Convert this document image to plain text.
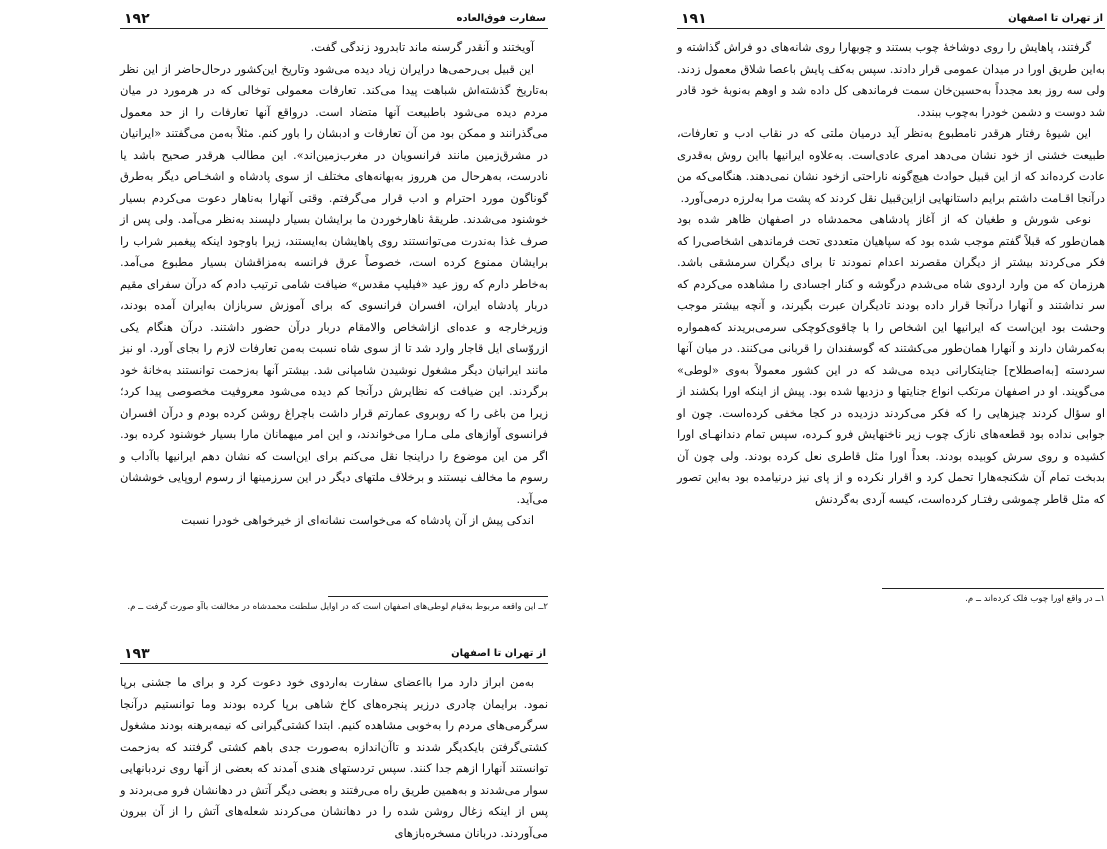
از تهران تا اصفهان
۱۹۱

گرفتند، پاهایش را روی دوشاخهٔ چوب بستند و چوبهارا روی شانه‌های دو فراش گذاشته و به‌این طریق اورا در میدان عمومی قرار دادند. سپس به‌کف پایش با‌عصا شلاق معمول زدند. ولی سه روز بعد مجدداً به‌حسین‌خان سمت فرماندهی کل داده شد و اوهم به‌نوبهٔ خود قادر شد دوست و دشمن خودرا به‌چوب ببندد.

این شیوهٔ رفتار هرقدر نامطبوع به‌نظر آید درمیان ملتی که در نقاب ادب و تعارفات، طبیعت خشنی از خود نشان می‌دهد امری عادی‌است. به‌علاوه ایرانیها بااین روش به‌قدری عادت کرده‌اند که از این قبیل حوادث هیچ‌گونه ناراحتی ازخود نشان نمی‌دهند. هنگامی‌که من درآنجا اقـامت داشتم برایم داستانهایی ازاین‌قبیل نقل کردند که پشت مرا به‌لرزه درمی‌آورد.

نوعی شورش و طغیان که از آغاز پادشاهی محمدشاه در اصفهان ظاهر شده بود همان‌طور که قبلاً گفتم موجب شده بود که سپاهیان متعددی تحت فرماندهی اشخاصی‌را که فکر می‌کردند بیشتر از دیگران مقصرند اعدام نمودند تا برای دیگران سرمشقی باشد. هرزمان که من وارد اردوی شاه می‌شدم درگوشه و کنار اجسادی را مشاهده می‌کردم که سر نداشتند و آنهارا درآنجا قرار داده بودند تادیگران عبرت بگیرند، و آنچه بیشتر موجب وحشت بود این‌است که ایرانیها این اشخاص را با چاقوی‌کوچکی سرمی‌بریدند که‌همواره به‌کمرشان دارند و آنهارا همان‌طور می‌کشتند که گوسفندان را قربانی می‌کنند. در میان آنها سردسته [به‌اصطلاح] جنایتکارانی دیده می‌شد که در این کشور معمولاً به‌وی «لوطی» می‌گویند. او در اصفهان مرتکب انواع جنایتها و دزدیها شده بود. پیش از اینکه اورا بکشند از او سؤال کردند چیزهایی را که فکر می‌کردند دزدیده در کجا مخفی کرده‌است. چون او جوابی نداده بود قطعه‌های نازک چوب زیر ناخنهایش فرو کـرده، سپس تمام دندانهـای اورا کشیده و روی سرش کوبیده بودند. بعداً اورا مثل قاطری نعل کرده بودند. ولی چون آن بدبخت تمام آن شکنجه‌هارا تحمل کرد و اقرار نکرده و از پای نیز درنیامده بود به‌این تصور که مثل قاطر چموشی رفتـار کرده‌است، کیسه آردی به‌گردنش

۱ــ در واقع اورا چوب فلک کرده‌اند ــ م.
سفارت فوق‌العاده
۱۹۲

آویختند و آنقدر گرسنه ماند تابدرود زندگی گفت.

این قبیل بی‌رحمی‌ها درایران زیاد دیده می‌شود وتاریخ این‌کشور درحال‌حاضر از این نظر به‌تاریخ گذشته‌اش شباهت پیدا می‌کند. تعارفات معمولی توخالی که در هرمورد در میان مردم دیده می‌شود باطبیعت آنها متضاد است. درواقع آنها تعارفات را از حد معمول می‌گذرانند و ممکن بود من آن تعارفات و ادبشان را باور کنم. مثلاً به‌من می‌گفتند «ایرانیان در مشرق‌زمین مانند فرانسویان در مغرب‌زمین‌اند». این مطالب هرقدر صحیح باشد یا نادرست، به‌هرحال من هرروز به‌بهانه‌های مختلف از سوی پادشاه و اشخـاص دیگر به‌طرق گوناگون مورد احترام و ادب قرار می‌گرفتم. وقتی آنهارا به‌ناهار دعوت می‌کردم بسیار خوشنود می‌شدند. طریقهٔ ناهارخوردن ما برایشان بسیار دلپسند به‌نظر می‌آمد. ولی پس از صرف غذا به‌ندرت می‌توانستند روی پاهایشان به‌ایستند، زیرا باوجود اینکه پیغمبر شراب را برایشان ممنوع کرده است، خصوصاً عرق فرانسه به‌مزاقشان بسیار مطبوع می‌آمد. به‌خاطر دارم که روز عید «فیلیپ مقدس» ضیافت شامی ترتیب دادم که درآن سفرای مقیم دربار پادشاه ایران، افسران فرانسوی که برای آموزش سربازان به‌ایران آمده بودند، وزیرخارجه و عده‌ای ازاشخاص والامقام دربار درآن حضور داشتند. درآن هنگام یکی ازروّسای ایل قاجار وارد شد تا از سوی شاه نسبت به‌من تعارفات لازم را بجای آورد. او نیز مانند ایرانیان دیگر مشغول نوشیدن شامپانی شد. بیشتر آنها به‌زحمت توانستند به‌خانهٔ خود برگردند. این ضیافت که نظایرش درآنجا کم دیده می‌شود معروفیت مخصوصی پیدا کرد؛ زیرا من باغی را که روبروی عمارتم قرار داشت باچراغ روشن کرده بودم و درآن افسران فرانسوی آوازهای ملی مـارا می‌خواندند، و این امر میهمانان مارا بسیار خوشنود کرده بود. اگر من این موضوع را دراینجا نقل می‌کنم برای این‌است که نشان دهم ایرانیها باآداب و رسوم ما مخالف نیستند و برخلاف ملتهای دیگر در این سرزمینها از رسوم اروپایی خوششان می‌آید.

اندکی پیش از آن پادشاه که می‌خواست نشانه‌ای از خیرخواهی خودرا نسبت

۲ــ این واقعه مربوط به‌قیام لوطی‌های اصفهان است که در اوایل سلطنت محمدشاه در مخالفت باآو صورت گرفت ــ م.
از تهران تا اصفهان
۱۹۳

به‌من ابراز دارد مرا بااعضای سفارت به‌اردوی خود دعوت کرد و برای ما جشنی برپا نمود. برایمان چادری درزیر پنجره‌های کاخ شاهی برپا کرده بودند وما توانستیم درآنجا سرگرمی‌های مردم را به‌خوبی مشاهده کنیم. ابتدا کشتی‌گیرانی که نیمه‌برهنه بودند مشغول کشتی‌گرفتن بایکدیگر شدند و تاآن‌اندازه به‌صورت جدی باهم کشتی گرفتند که به‌زحمت توانستند آنهارا ازهم جدا کنند. سپس تردستهای هندی آمدند که بعضی از آنها روی نردبانهایی سوار می‌شدند و به‌همین طریق راه می‌رفتند و بعضی دیگر آتش در دهانشان فرو می‌بردند و پس از اینکه زغال روشن شده را در دهانشان می‌کردند شعله‌های آتش را از آن بیرون می‌آوردند. دربانان مسخره‌بازهای
